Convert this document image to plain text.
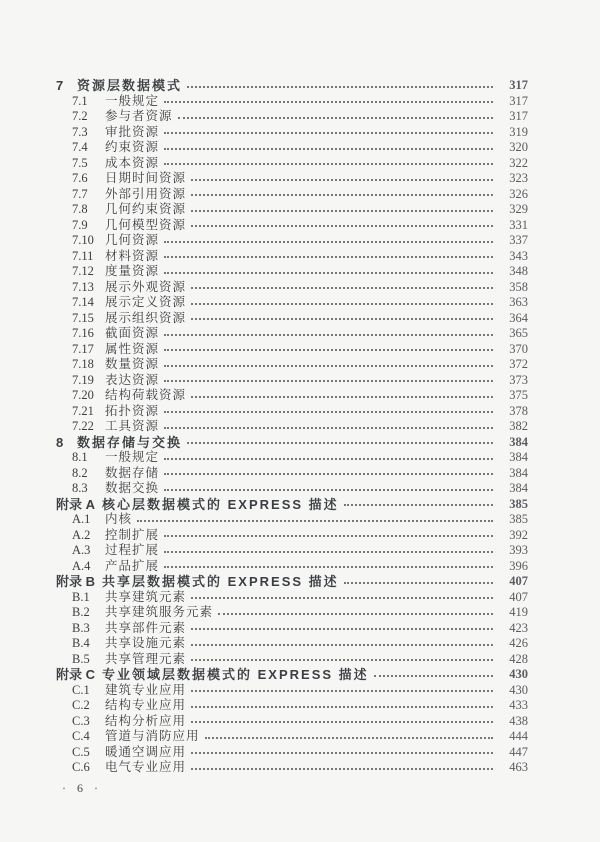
7	资源层数据模式	317
7.1	一般规定	317
7.2	参与者资源	317
7.3	审批资源	319
7.4	约束资源	320
7.5	成本资源	322
7.6	日期时间资源	323
7.7	外部引用资源	326
7.8	几何约束资源	329
7.9	几何模型资源	331
7.10 几何资源	337
7.11 材料资源	343
7.12 度量资源	348
7.13 展示外观资源	358
7.14 展示定义资源	363
7.15 展示组织资源	364
7.16 截面资源	365
7.17 属性资源	370
7.18 数量资源	372
7.19 表达资源	373
7.20 结构荷载资源	375
7.21 拓扑资源	378
7.22 工具资源	382
8	数据存储与交换	384
8.1	一般规定	384
8.2	数据存储	384
8.3	数据交换	384
附录 A 核心层数据模式的 EXPRESS 描述	385
A.1	内核	385
A.2	控制扩展	392
A.3	过程扩展	393
A.4	产品扩展	396
附录 B 共享层数据模式的 EXPRESS 描述	407
B.1	共享建筑元素	407
B.2	共享建筑服务元素	419
B.3	共享部件元素	423
B.4	共享设施元素	426
B.5	共享管理元素	428
附录 C 专业领域层数据模式的 EXPRESS 描述	430
C.1	建筑专业应用	430
C.2	结构专业应用	433
C.3	结构分析应用	438
C.4	管道与消防应用	444
C.5	暖通空调应用	447
C.6	电气专业应用	463
· 6 ·
